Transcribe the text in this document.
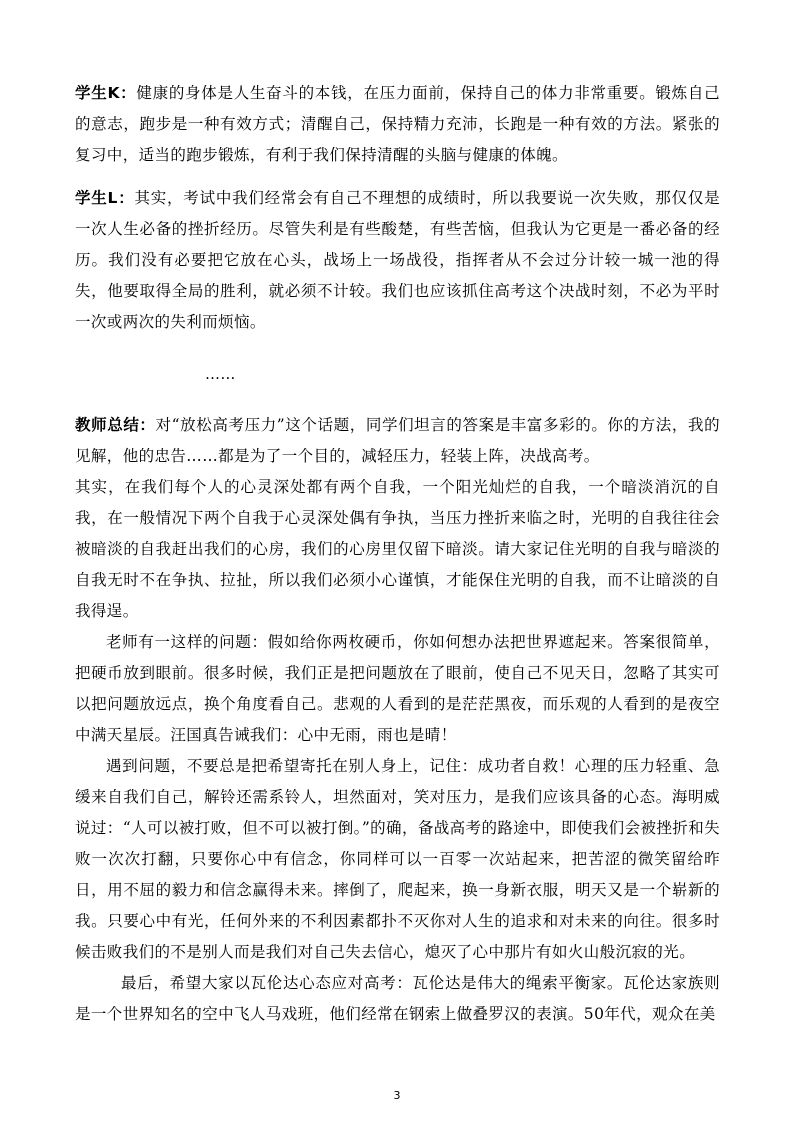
学生K：健康的身体是人生奋斗的本钱，在压力面前，保持自己的体力非常重要。锻炼自己的意志，跑步是一种有效方式；清醒自己，保持精力充沛，长跑是一种有效的方法。紧张的复习中，适当的跑步锻炼，有利于我们保持清醒的头脑与健康的体魄。

学生L：其实，考试中我们经常会有自己不理想的成绩时，所以我要说一次失败，那仅仅是一次人生必备的挫折经历。尽管失利是有些酸楚，有些苦恼，但我认为它更是一番必备的经历。我们没有必要把它放在心头，战场上一场战役，指挥者从不会过分计较一城一池的得失，他要取得全局的胜利，就必须不计较。我们也应该抓住高考这个决战时刻，不必为平时一次或两次的失利而烦恼。

……

教师总结：对“放松高考压力”这个话题，同学们坦言的答案是丰富多彩的。你的方法，我的见解，他的忠告……都是为了一个目的，减轻压力，轻装上阵，决战高考。

其实，在我们每个人的心灵深处都有两个自我，一个阳光灿烂的自我，一个暗淡消沉的自我，在一般情况下两个自我于心灵深处偶有争执，当压力挫折来临之时，光明的自我往往会被暗淡的自我赶出我们的心房，我们的心房里仅留下暗淡。请大家记住光明的自我与暗淡的自我无时不在争执、拉扯，所以我们必须小心谨慎，才能保住光明的自我，而不让暗淡的自我得逞。

老师有一这样的问题：假如给你两枚硬币，你如何想办法把世界遮起来。答案很简单，把硬币放到眼前。很多时候，我们正是把问题放在了眼前，使自己不见天日，忽略了其实可以把问题放远点，换个角度看自己。悲观的人看到的是茫茫黑夜，而乐观的人看到的是夜空中满天星辰。汪国真告诫我们：心中无雨，雨也是晴！

遇到问题，不要总是把希望寄托在别人身上，记住：成功者自救！心理的压力轻重、急缓来自我们自己，解铃还需系铃人，坦然面对，笑对压力，是我们应该具备的心态。海明威说过：“人可以被打败，但不可以被打倒。”的确，备战高考的路途中，即使我们会被挫折和失败一次次打翻，只要你心中有信念，你同样可以一百零一次站起来，把苦涩的微笑留给昨日，用不屈的毅力和信念赢得未来。摔倒了，爬起来，换一身新衣服，明天又是一个崭新的我。只要心中有光，任何外来的不利因素都扑不灭你对人生的追求和对未来的向往。很多时候击败我们的不是别人而是我们对自己失去信心，熄灭了心中那片有如火山般沉寂的光。

最后，希望大家以瓦伦达心态应对高考：瓦伦达是伟大的绳索平衡家。瓦伦达家族则是一个世界知名的空中飞人马戏班，他们经常在钢索上做叠罗汉的表演。50年代，观众在美

3
